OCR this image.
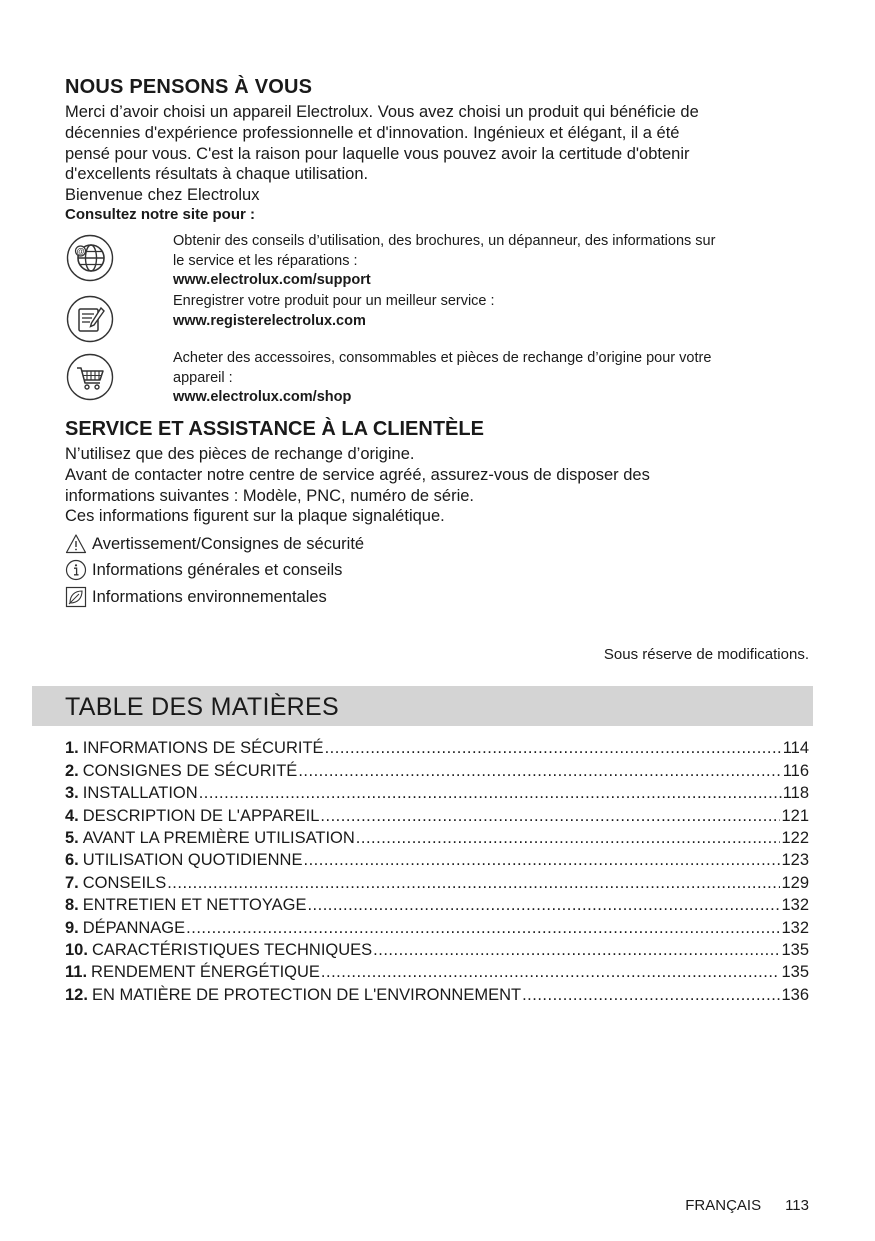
NOUS PENSONS À VOUS

Merci d’avoir choisi un appareil Electrolux. Vous avez choisi un produit qui bénéficie de

décennies d'expérience professionnelle et d'innovation. Ingénieux et élégant, il a été

pensé pour vous. C'est la raison pour laquelle vous pouvez avoir la certitude d'obtenir

d'excellents résultats à chaque utilisation.

Bienvenue chez Electrolux

Consultez notre site pour :
@

Obtenir des conseils d’utilisation, des brochures, un dépanneur, des informations sur

le service et les réparations :

www.electrolux.com/support

Enregistrer votre produit pour un meilleur service :

www.registerelectrolux.com

Acheter des accessoires, consommables et pièces de rechange d’origine pour votre

appareil :

www.electrolux.com/shop

SERVICE ET ASSISTANCE À LA CLIENTÈLE

N’utilisez que des pièces de rechange d’origine.

Avant de contacter notre centre de service agréé, assurez-vous de disposer des

informations suivantes : Modèle, PNC, numéro de série.

Ces informations figurent sur la plaque signalétique.

Avertissement/Consignes de sécurité
Informations générales et conseils
Informations environnementales
Sous réserve de modifications.
TABLE DES MATIÈRES
1. INFORMATIONS DE SÉCURITÉ .....	114
2. CONSIGNES DE SÉCURITÉ .....	116
3. INSTALLATION .....	118
4. DESCRIPTION DE L'APPAREIL .....	121
5. AVANT LA PREMIÈRE UTILISATION .....	122
6. UTILISATION QUOTIDIENNE .....	123
7. CONSEILS .....	129
8. ENTRETIEN ET NETTOYAGE .....	132
9. DÉPANNAGE .....	132
10. CARACTÉRISTIQUES TECHNIQUES .....	135
11. RENDEMENT ÉNERGÉTIQUE .....	135
12. EN MATIÈRE DE PROTECTION DE L'ENVIRONNEMENT .....	136
FRANÇAIS 113
